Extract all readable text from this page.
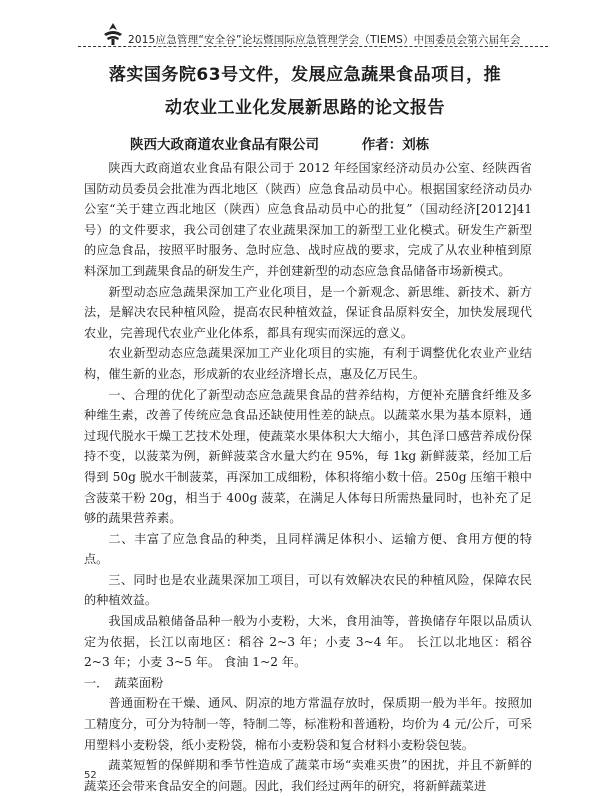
2015应急管理“安全谷”论坛暨国际应急管理学会（TIEMS）中国委员会第六届年会
落实国务院63号文件，发展应急蔬果食品项目，推
动农业工业化发展新思路的论文报告
陕西大政商道农业食品有限公司	作者：刘栋

陕西大政商道农业食品有限公司于 2012 年经国家经济动员办公室、经陕西省国防动员委员会批准为西北地区（陕西）应急食品动员中心。根据国家经济动员办公室“关于建立西北地区（陕西）应急食品动员中心的批复”（国动经济[2012]41 号）的文件要求，我公司创建了农业蔬果深加工的新型工业化模式。研发生产新型的应急食品，按照平时服务、急时应急、战时应战的要求，完成了从农业种植到原料深加工到蔬果食品的研发生产，并创建新型的动态应急食品储备市场新模式。

新型动态应急蔬果深加工产业化项目，是一个新观念、新思维、新技术、新方法，是解决农民种植风险，提高农民种植效益，保证食品原料安全，加快发展现代农业，完善现代农业产业化体系，都具有现实而深远的意义。

农业新型动态应急蔬果深加工产业化项目的实施，有利于调整优化农业产业结构，催生新的业态，形成新的农业经济增长点，惠及亿万民生。

一、合理的优化了新型动态应急蔬果食品的营养结构，方便补充膳食纤维及多种维生素，改善了传统应急食品还缺使用性差的缺点。以蔬菜水果为基本原料，通过现代脱水干燥工艺技术处理，使蔬菜水果体积大大缩小，其色泽口感营养成份保持不变，以菠菜为例，新鲜菠菜含水量大约在 95%，每 1kg 新鲜菠菜，经加工后得到 50g 脱水干制菠菜，再深加工成细粉，体积将缩小数十倍。250g 压缩干粮中含菠菜干粉 20g，相当于 400g 菠菜，在满足人体每日所需热量同时，也补充了足够的蔬果营养素。

二、丰富了应急食品的种类，且同样满足体积小、运输方便、食用方便的特点。

三、同时也是农业蔬果深加工项目，可以有效解决农民的种植风险，保障农民的种植效益。

我国成品粮储备品种一般为小麦粉，大米，食用油等，普换储存年限以品质认定为依据，长江以南地区：稻谷 2~3 年；小麦 3~4 年。 长江以北地区：稻谷 2~3 年；小麦 3~5 年。 食油 1~2 年。

一．　蔬菜面粉

普通面粉在干燥、通风、阴凉的地方常温存放时，保质期一般为半年。按照加工精度分，可分为特制一等，特制二等，标准粉和普通粉，均价为 4 元/公斤，可采用塑料小麦粉袋，纸小麦粉袋，棉布小麦粉袋和复合材料小麦粉袋包装。

蔬菜短暂的保鲜期和季节性造成了蔬菜市场“卖难买贵”的困扰，并且不新鲜的蔬菜还会带来食品安全的问题。因此，我们经过两年的研究，将新鲜蔬菜进

52
